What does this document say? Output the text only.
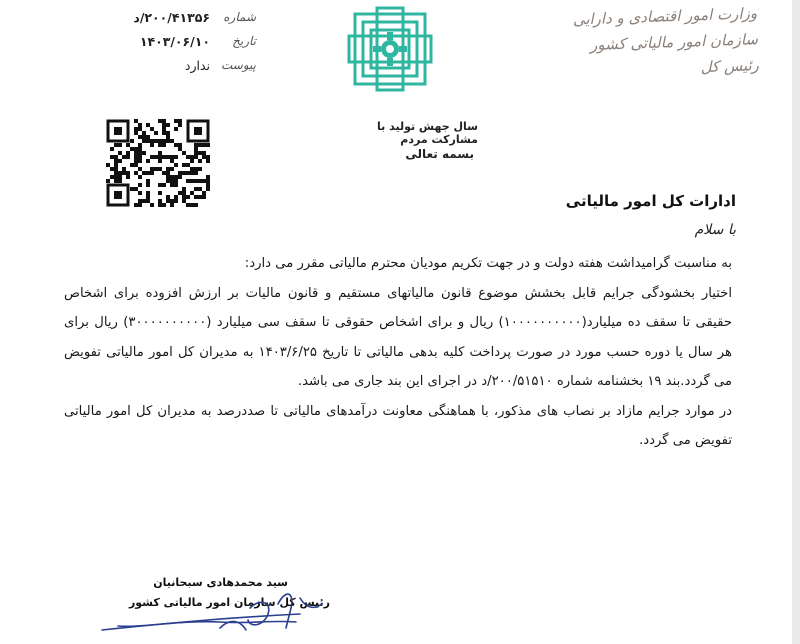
وزارت امور اقتصادی و دارایی
سازمان امور مالیاتی کشور
رئیس کل
شماره
۲۰۰/۴۱۳۵۶/د
تاریخ
۱۴۰۳/۰۶/۱۰
پیوست
ندارد
سال جهش تولید با مشارکت مردم
بسمه تعالی
ادارات کل امور مالیاتی
با سلام

به مناسبت گرامیداشت هفته دولت و در جهت تکریم مودیان محترم مالیاتی مقرر می دارد:

اختیار بخشودگی جرایم قابل بخشش موضوع قانون مالیاتهای مستقیم و قانون مالیات بر ارزش افزوده برای اشخاص حقیقی تا سقف ده میلیارد(۱۰۰۰۰۰۰۰۰۰۰) ریال و برای اشخاص حقوقی تا سقف سی میلیارد (۳۰۰۰۰۰۰۰۰۰۰) ریال برای هر سال یا دوره حسب مورد در صورت پرداخت کلیه بدهی مالیاتی تا تاریخ ۱۴۰۳/۶/۲۵ به مدیران کل امور مالیاتی تفویض می گردد.بند ۱۹ بخشنامه شماره ۲۰۰/۵۱۵۱۰/د در اجرای این بند جاری می باشد.

در موارد جرایم مازاد بر نصاب های مذکور، با هماهنگی معاونت درآمدهای مالیاتی تا صددرصد به مدیران کل امور مالیاتی تفویض می گردد.

سید محمدهادی سبحانیان
رئیس کل سازمان امور مالیاتی کشور
